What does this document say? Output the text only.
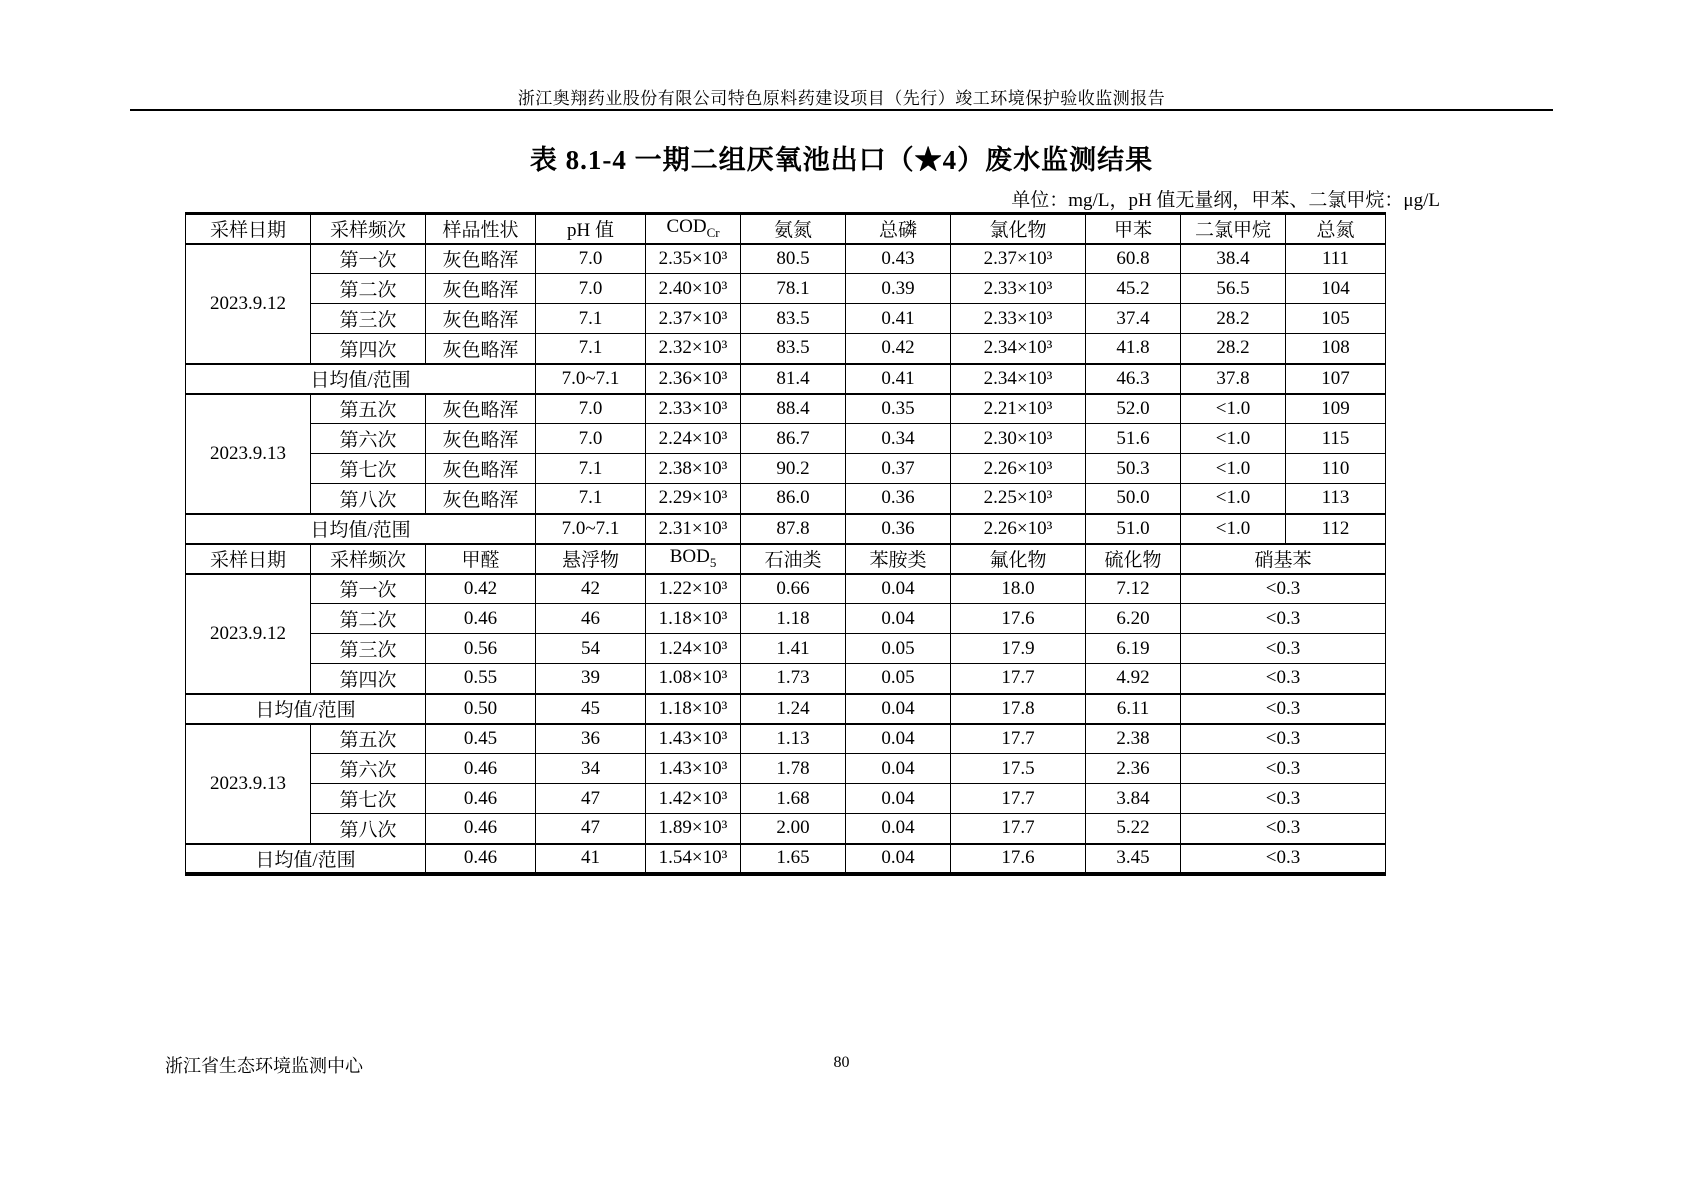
浙江奥翔药业股份有限公司特色原料药建设项目（先行）竣工环境保护验收监测报告
表 8.1-4 一期二组厌氧池出口（★4）废水监测结果
单位：mg/L，pH 值无量纲，甲苯、二氯甲烷：μg/L
采样日期	采样频次	样品性状	pH 值	$COD_{Cr}$	氨氮	总磷	氯化物	甲苯	二氯甲烷	总氮
2023.9.12	第一次	灰色略浑	7.0	2.35×10³	80.5	0.43	2.37×10³	60.8	38.4	111
	第二次	灰色略浑	7.0	2.40×10³	78.1	0.39	2.33×10³	45.2	56.5	104
	第三次	灰色略浑	7.1	2.37×10³	83.5	0.41	2.33×10³	37.4	28.2	105
	第四次	灰色略浑	7.1	2.32×10³	83.5	0.42	2.34×10³	41.8	28.2	108
日均值/范围			7.0~7.1	2.36×10³	81.4	0.41	2.34×10³	46.3	37.8	107
2023.9.13	第五次	灰色略浑	7.0	2.33×10³	88.4	0.35	2.21×10³	52.0	<1.0	109
	第六次	灰色略浑	7.0	2.24×10³	86.7	0.34	2.30×10³	51.6	<1.0	115
	第七次	灰色略浑	7.1	2.38×10³	90.2	0.37	2.26×10³	50.3	<1.0	110
	第八次	灰色略浑	7.1	2.29×10³	86.0	0.36	2.25×10³	50.0	<1.0	113
日均值/范围			7.0~7.1	2.31×10³	87.8	0.36	2.26×10³	51.0	<1.0	112
采样日期	采样频次	甲醛	悬浮物	$BOD_5$	石油类	苯胺类	氟化物	硫化物	硝基苯	
2023.9.12	第一次	0.42	42	1.22×10³	0.66	0.04	18.0	7.12	<0.3	
	第二次	0.46	46	1.18×10³	1.18	0.04	17.6	6.20	<0.3	
	第三次	0.56	54	1.24×10³	1.41	0.05	17.9	6.19	<0.3	
	第四次	0.55	39	1.08×10³	1.73	0.05	17.7	4.92	<0.3	
日均值/范围		0.50	45	1.18×10³	1.24	0.04	17.8	6.11	<0.3	
2023.9.13	第五次	0.45	36	1.43×10³	1.13	0.04	17.7	2.38	<0.3	
	第六次	0.46	34	1.43×10³	1.78	0.04	17.5	2.36	<0.3	
	第七次	0.46	47	1.42×10³	1.68	0.04	17.7	3.84	<0.3	
	第八次	0.46	47	1.89×10³	2.00	0.04	17.7	5.22	<0.3	
日均值/范围		0.46	41	1.54×10³	1.65	0.04	17.6	3.45	<0.3	
浙江省生态环境监测中心	80
